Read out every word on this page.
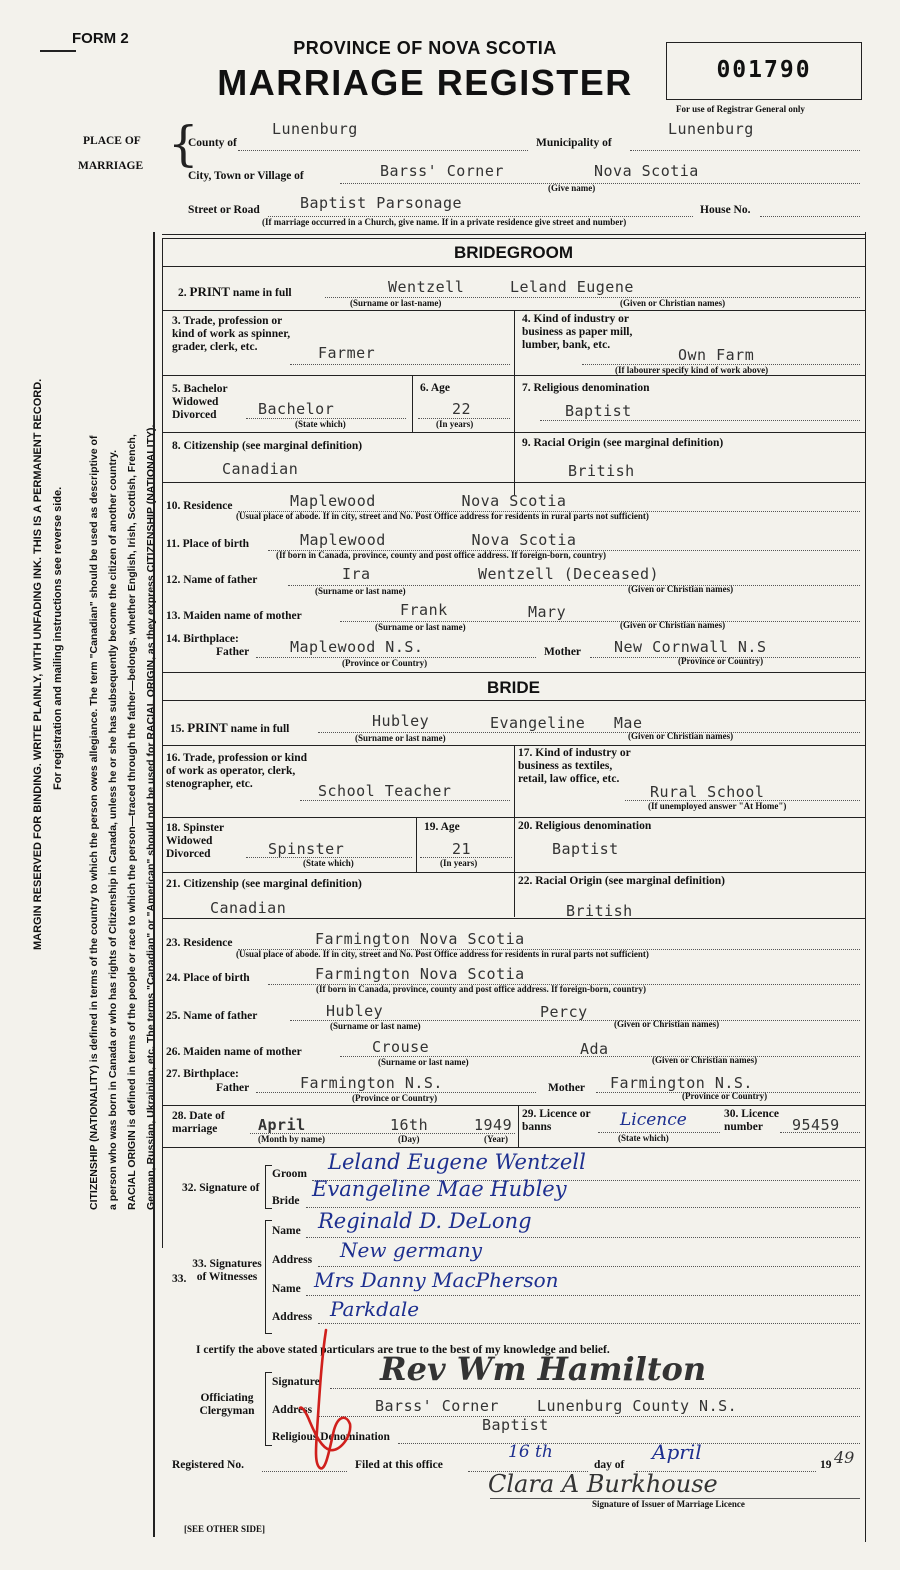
CITIZENSHIP (NATIONALITY) is defined in terms of the country to which the person owes allegiance. The term "Canadian" should be used as descriptive of a person who was born in Canada or who has rights of Citizenship in Canada, unless he or she has subsequently become the citizen of another country. RACIAL ORIGIN is defined in terms of the people or race to which the person—traced through the father—belongs, whether English, Irish, Scottish, French, German, Russian, Ukrainian, etc. The terms "Canadian" or "American" should not be used for RACIAL ORIGIN, as they express CITIZENSHIP (NATIONALITY).
MARGIN RESERVED FOR BINDING. WRITE PLAINLY, WITH UNFADING INK. THIS IS A PERMANENT RECORD. For registration and mailing instructions see reverse side.
FORM 2	PROVINCE OF NOVA SCOTIA
MARRIAGE REGISTER	001790
For use of Registrar General only
PLACE OF
MARRIAGE {
County of
Lunenburg
Municipality of
Lunenburg
City, Town or Village of	Barss' Corner	Nova Scotia
(Give name)
Street or Road	Baptist Parsonage	House No.
(If marriage occurred in a Church, give name. If in a private residence give street and number)
BRIDEGROOM
2. PRINT name in full	Wentzell	Leland Eugene
(Surname or last-name)	(Given or Christian names)
3. Trade, profession or kind of work as spinner, grader, clerk, etc.	Farmer
4. Kind of industry or business as paper mill, lumber, bank, etc.
Own Farm
(If labourer specify kind of work above)
5. Bachelor Widowed Divorced	Bachelor
(State which)
6. Age
22
(In years)
7. Religious denomination
Baptist
8. Citizenship (see marginal definition)
Canadian
9. Racial Origin (see marginal definition)
British
10. Residence	Maplewood         Nova Scotia
(Usual place of abode. If in city, street and No. Post Office address for residents in rural parts not sufficient)
11. Place of birth	Maplewood         Nova Scotia
(If born in Canada, province, county and post office address. If foreign-born, country)
12. Name of father	Ira	Wentzell (Deceased)
(Surname or last name)	(Given or Christian names)
13. Maiden name of mother	Frank	Mary
(Surname or last name)	(Given or Christian names)
14. Birthplace:
Father	Maplewood N.S.
(Province or Country)
Mother New Cornwall N.S
(Province or Country)
BRIDE
15. PRINT name in full	Hubley	Evangeline   Mae
(Surname or last name)	(Given or Christian names)
16. Trade, profession or kind of work as operator, clerk, stenographer, etc.	School Teacher
17. Kind of industry or business as textiles, retail, law office, etc.
Rural School
(If unemployed answer "At Home")
18. Spinster Widowed Divorced	Spinster
(State which)
19. Age
21
(In years)
20. Religious denomination
Baptist
21. Citizenship (see marginal definition)
Canadian
22. Racial Origin (see marginal definition)
British
23. Residence	Farmington Nova Scotia
(Usual place of abode. If in city, street and No. Post Office address for residents in rural parts not sufficient)
24. Place of birth	Farmington Nova Scotia
(If born in Canada, province, county and post office address. If foreign-born, country)
25. Name of father	Hubley	Percy
(Surname or last name)	(Given or Christian names)
26. Maiden name of mother	Crouse	Ada
(Surname or last name)	(Given or Christian names)
27. Birthplace:
Father	Farmington N.S.
(Province or Country)
Mother Farmington N.S.
(Province or Country)
28. Date of marriage	April	16th	1949
(Month by name)	(Day)	(Year)
29. Licence or banns	Licence
(State which)
30. Licence number	95459
32. Signature of
Groom Leland Eugene Wentzell
Bride Evangeline Mae Hubley
33.
33. Signatures of Witnesses
Name Reginald D. DeLong
Address New germany
Name Mrs Danny MacPherson
Address Parkdale
I certify the above stated particulars are true to the best of my knowledge and belief.
Officiating Clergyman
Signature Rev Wm Hamilton
Address	Barss' Corner    Lunenburg County N.S.
Religious Denomination
Baptist
Registered No.	Filed at this office
16 th
day of
April
19 49
Clara A Burkhouse
Signature of Issuer of Marriage Licence
[SEE OTHER SIDE]
